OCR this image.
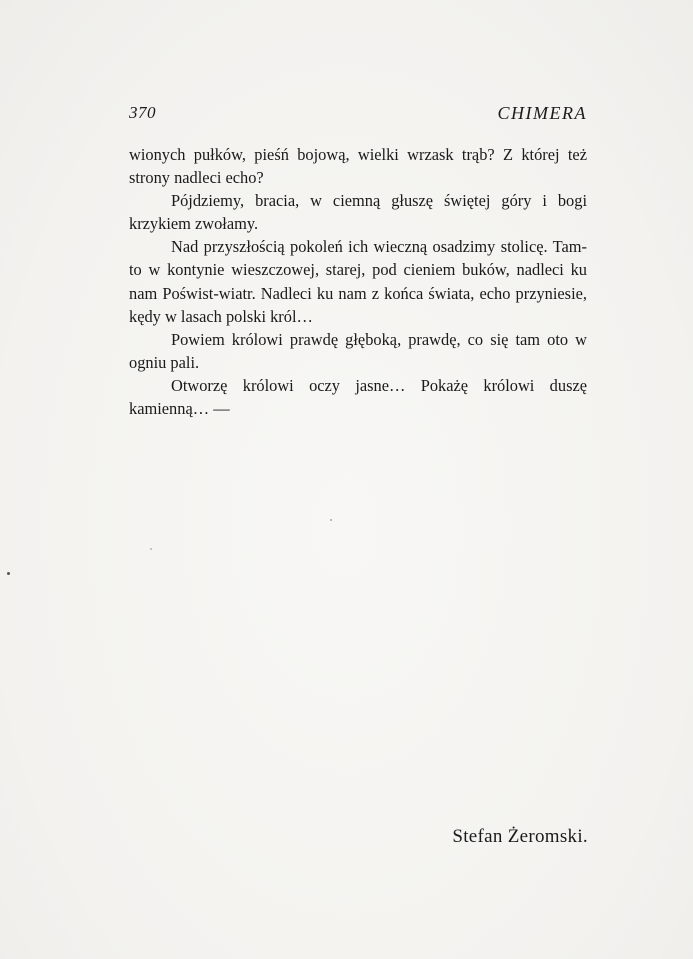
370	CHIMERA

wionych pułków, pieśń bojową, wielki wrzask trąb? Z której też strony nadleci echo?

Pójdziemy, bracia, w ciemną głuszę świętej góry i bogi krzykiem zwołamy.

Nad przyszłością pokoleń ich wieczną osadzimy stolicę. Tam-to w kontynie wieszczowej, starej, pod cieniem buków, nadleci ku nam Poświst-wiatr. Nadleci ku nam z końca świata, echo przyniesie, kędy w lasach polski król…

Powiem królowi prawdę głęboką, prawdę, co się tam oto w ogniu pali.

Otworzę królowi oczy jasne… Pokażę królowi duszę kamienną… —

Stefan Żeromski.
